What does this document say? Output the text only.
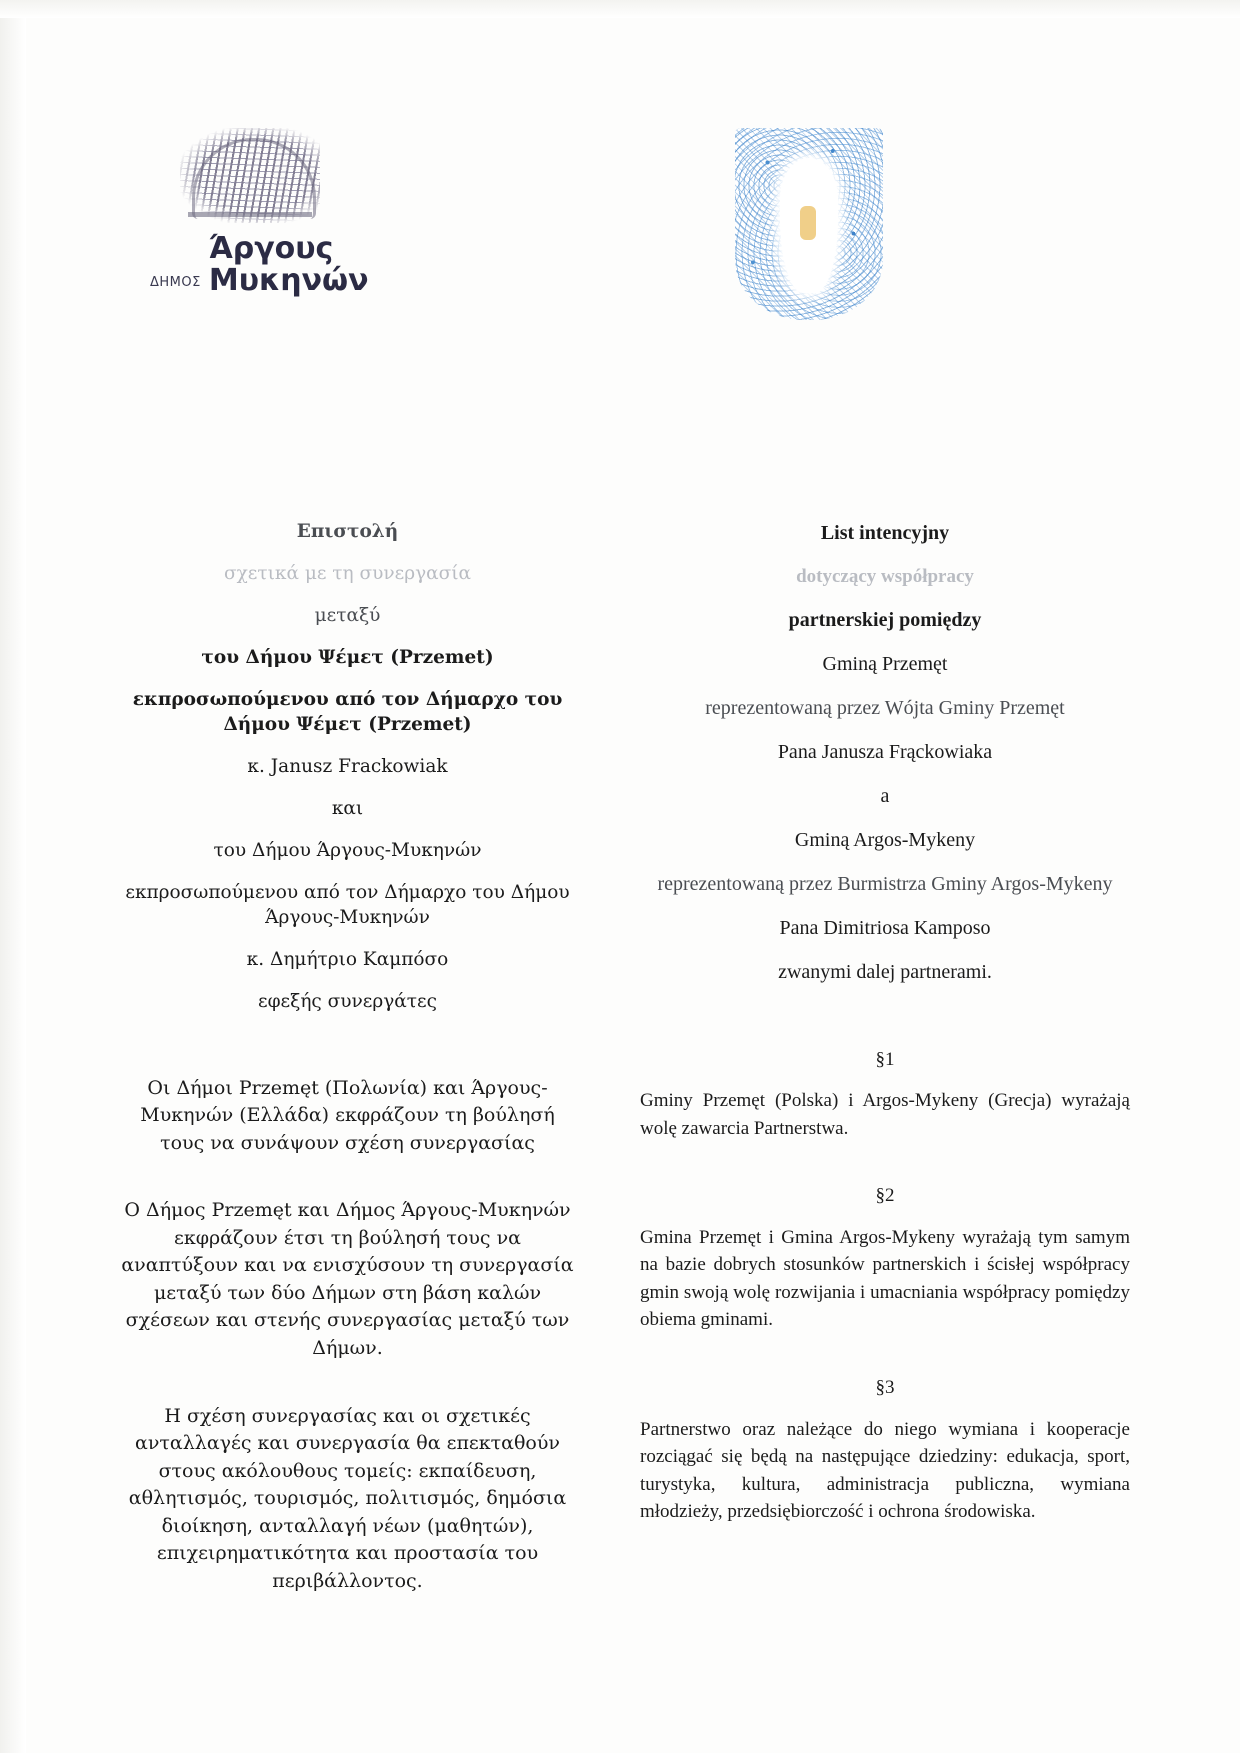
ΔΗΜΟΣ
Άργους
Μυκηνών

Επιστολή

σχετικά με τη συνεργασία

μεταξύ

του Δήμου Ψέμετ (Przemet)

εκπροσωπούμενου από τον Δήμαρχο του Δήμου Ψέμετ (Przemet)

κ. Janusz Frackowiak

και

του Δήμου Άργους-Μυκηνών

εκπροσωπούμενου από τον Δήμαρχο του Δήμου Άργους-Μυκηνών

κ. Δημήτριο Καμπόσο

εφεξής συνεργάτες

Οι Δήμοι Przemęt (Πολωνία) και Άργους-Μυκηνών (Ελλάδα) εκφράζουν τη βούλησή τους να συνάψουν σχέση συνεργασίας

Ο Δήμος Przemęt και Δήμος Άργους-Μυκηνών εκφράζουν έτσι τη βούλησή τους να αναπτύξουν και να ενισχύσουν τη συνεργασία μεταξύ των δύο Δήμων στη βάση καλών σχέσεων και στενής συνεργασίας μεταξύ των Δήμων.

Η σχέση συνεργασίας και οι σχετικές ανταλλαγές και συνεργασία θα επεκταθούν στους ακόλουθους τομείς: εκπαίδευση, αθλητισμός, τουρισμός, πολιτισμός, δημόσια διοίκηση, ανταλλαγή νέων (μαθητών), επιχειρηματικότητα και προστασία του περιβάλλοντος.

List intencyjny

dotyczący współpracy

partnerskiej pomiędzy

Gminą Przemęt

reprezentowaną przez Wójta Gminy Przemęt

Pana Janusza Frąckowiaka

a

Gminą Argos-Mykeny

reprezentowaną przez Burmistrza Gminy Argos-Mykeny

Pana Dimitriosa Kamposo

zwanymi dalej partnerami.

§1

Gminy Przemęt (Polska) i Argos-Mykeny (Grecja) wyrażają wolę zawarcia Partnerstwa.

§2

Gmina Przemęt i Gmina Argos-Mykeny wyrażają tym samym na bazie dobrych stosunków partnerskich i ścisłej współpracy gmin swoją wolę rozwijania i umacniania współpracy pomiędzy obiema gminami.

§3

Partnerstwo oraz należące do niego wymiana i kooperacje rozciągać się będą na następujące dziedziny: edukacja, sport, turystyka, kultura, administracja publiczna, wymiana młodzieży, przedsiębiorczość i ochrona środowiska.
